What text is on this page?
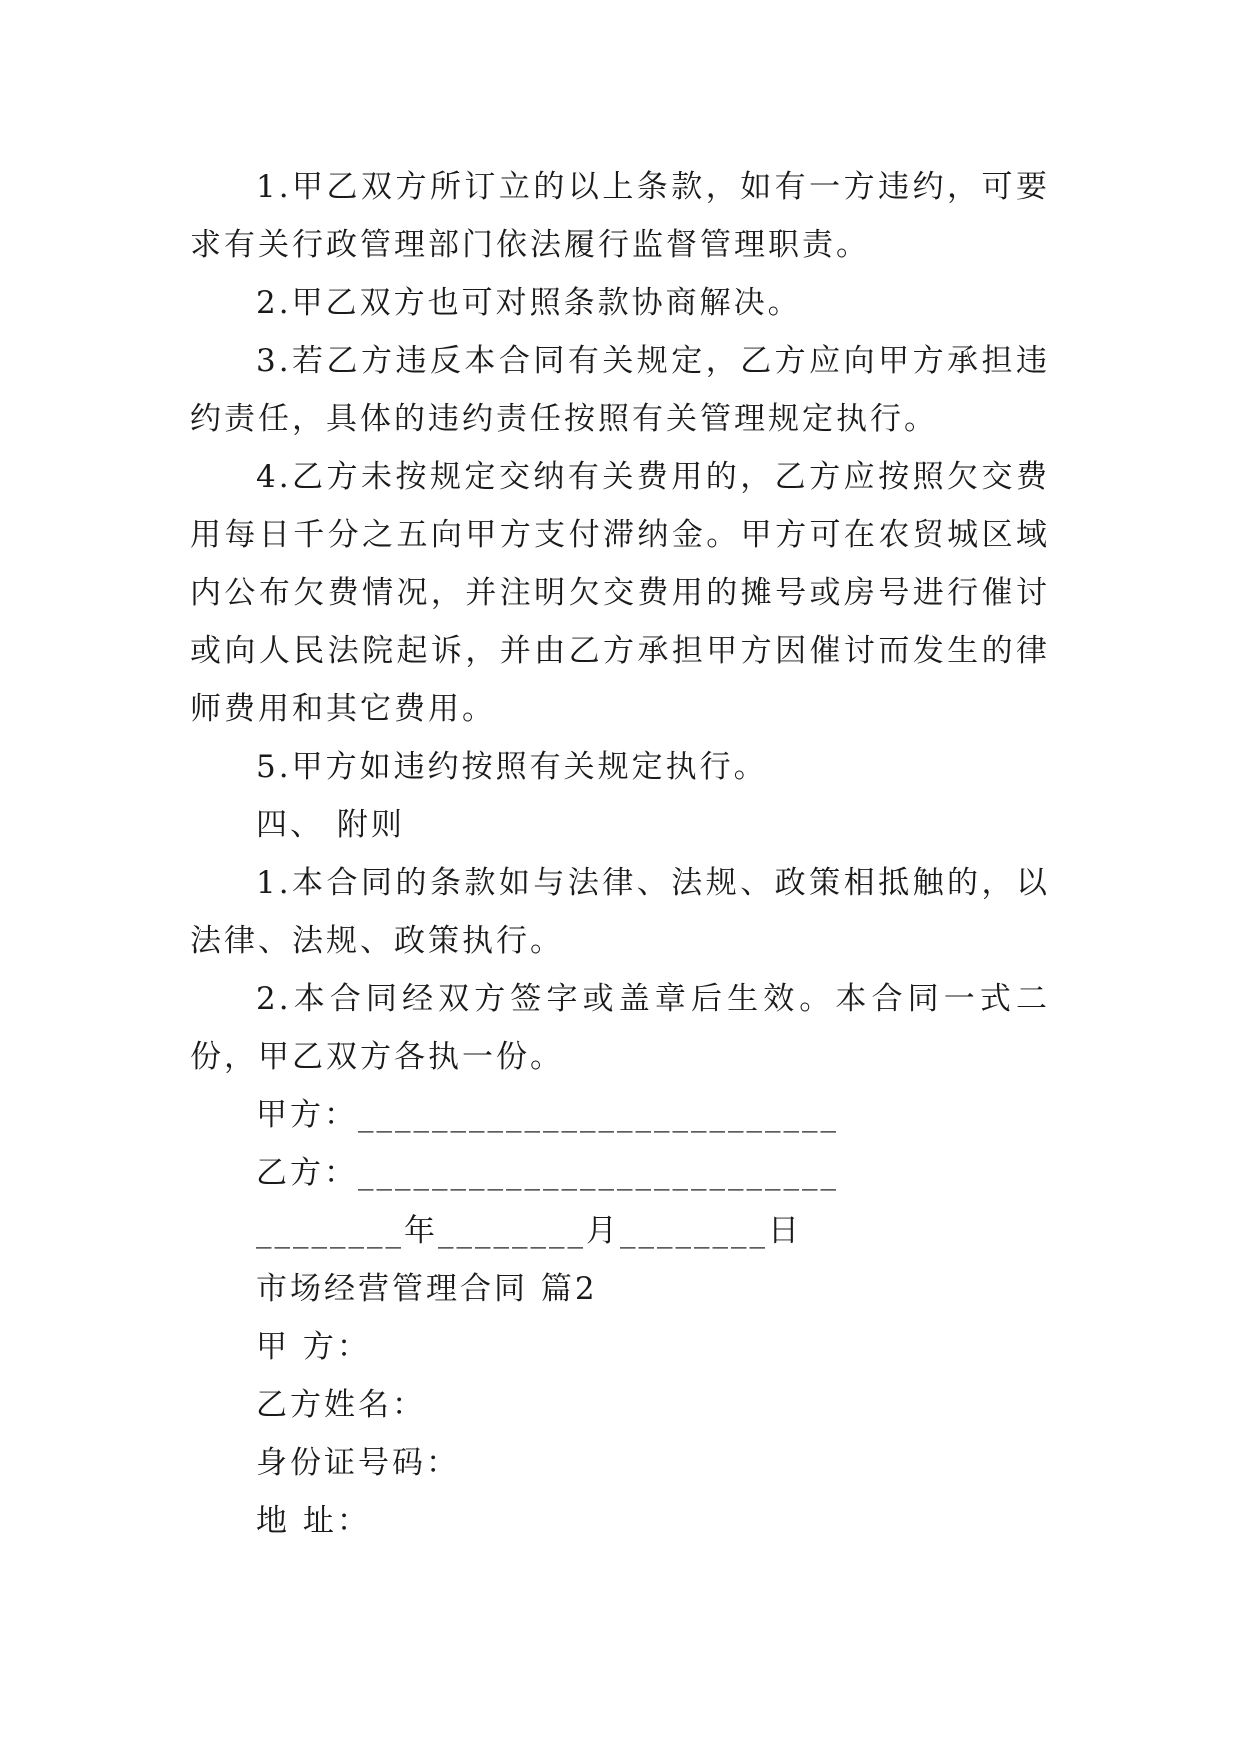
1.甲乙双方所订立的以上条款，如有一方违约，可要求有关行政管理部门依法履行监督管理职责。

2.甲乙双方也可对照条款协商解决。

3.若乙方违反本合同有关规定，乙方应向甲方承担违约责任，具体的违约责任按照有关管理规定执行。

4.乙方未按规定交纳有关费用的，乙方应按照欠交费用每日千分之五向甲方支付滞纳金。甲方可在农贸城区域内公布欠费情况，并注明欠交费用的摊号或房号进行催讨或向人民法院起诉，并由乙方承担甲方因催讨而发生的律师费用和其它费用。

5.甲方如违约按照有关规定执行。

四、 附则

1.本合同的条款如与法律、法规、政策相抵触的，以法律、法规、政策执行。

2.本合同经双方签字或盖章后生效。本合同一式二份，甲乙双方各执一份。

甲方：__________________________

乙方：__________________________

________年________月________日

市场经营管理合同 篇2

甲 方：

乙方姓名：

身份证号码：

地 址：
